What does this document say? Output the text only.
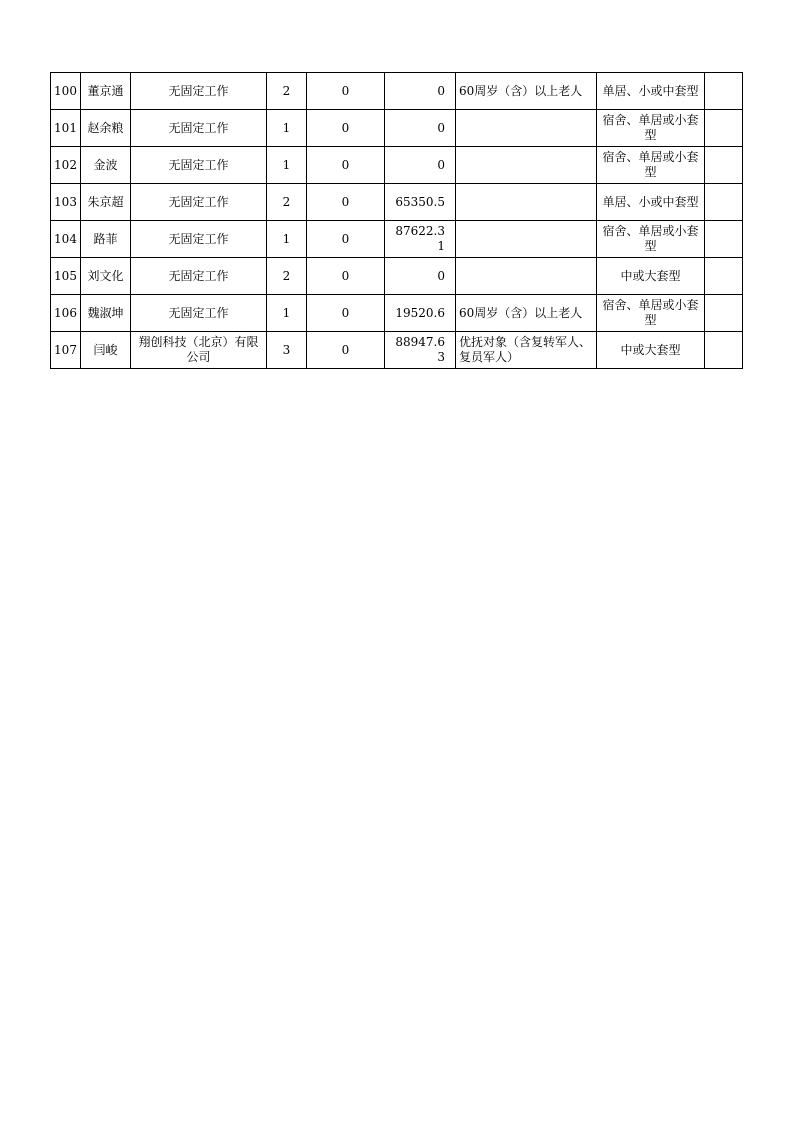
100	董京通	无固定工作	2	0	0	60周岁（含）以上老人	单居、小或中套型	
101	赵余粮	无固定工作	1	0	0		宿舍、单居或小套型	
102	金波	无固定工作	1	0	0		宿舍、单居或小套型	
103	朱京超	无固定工作	2	0	65350.5		单居、小或中套型	
104	路菲	无固定工作	1	0	87622.31		宿舍、单居或小套型	
105	刘文化	无固定工作	2	0	0		中或大套型	
106	魏淑坤	无固定工作	1	0	19520.6	60周岁（含）以上老人	宿舍、单居或小套型	
107	闫峻	翔创科技（北京）有限公司	3	0	88947.63	优抚对象（含复转军人、复员军人）	中或大套型	
